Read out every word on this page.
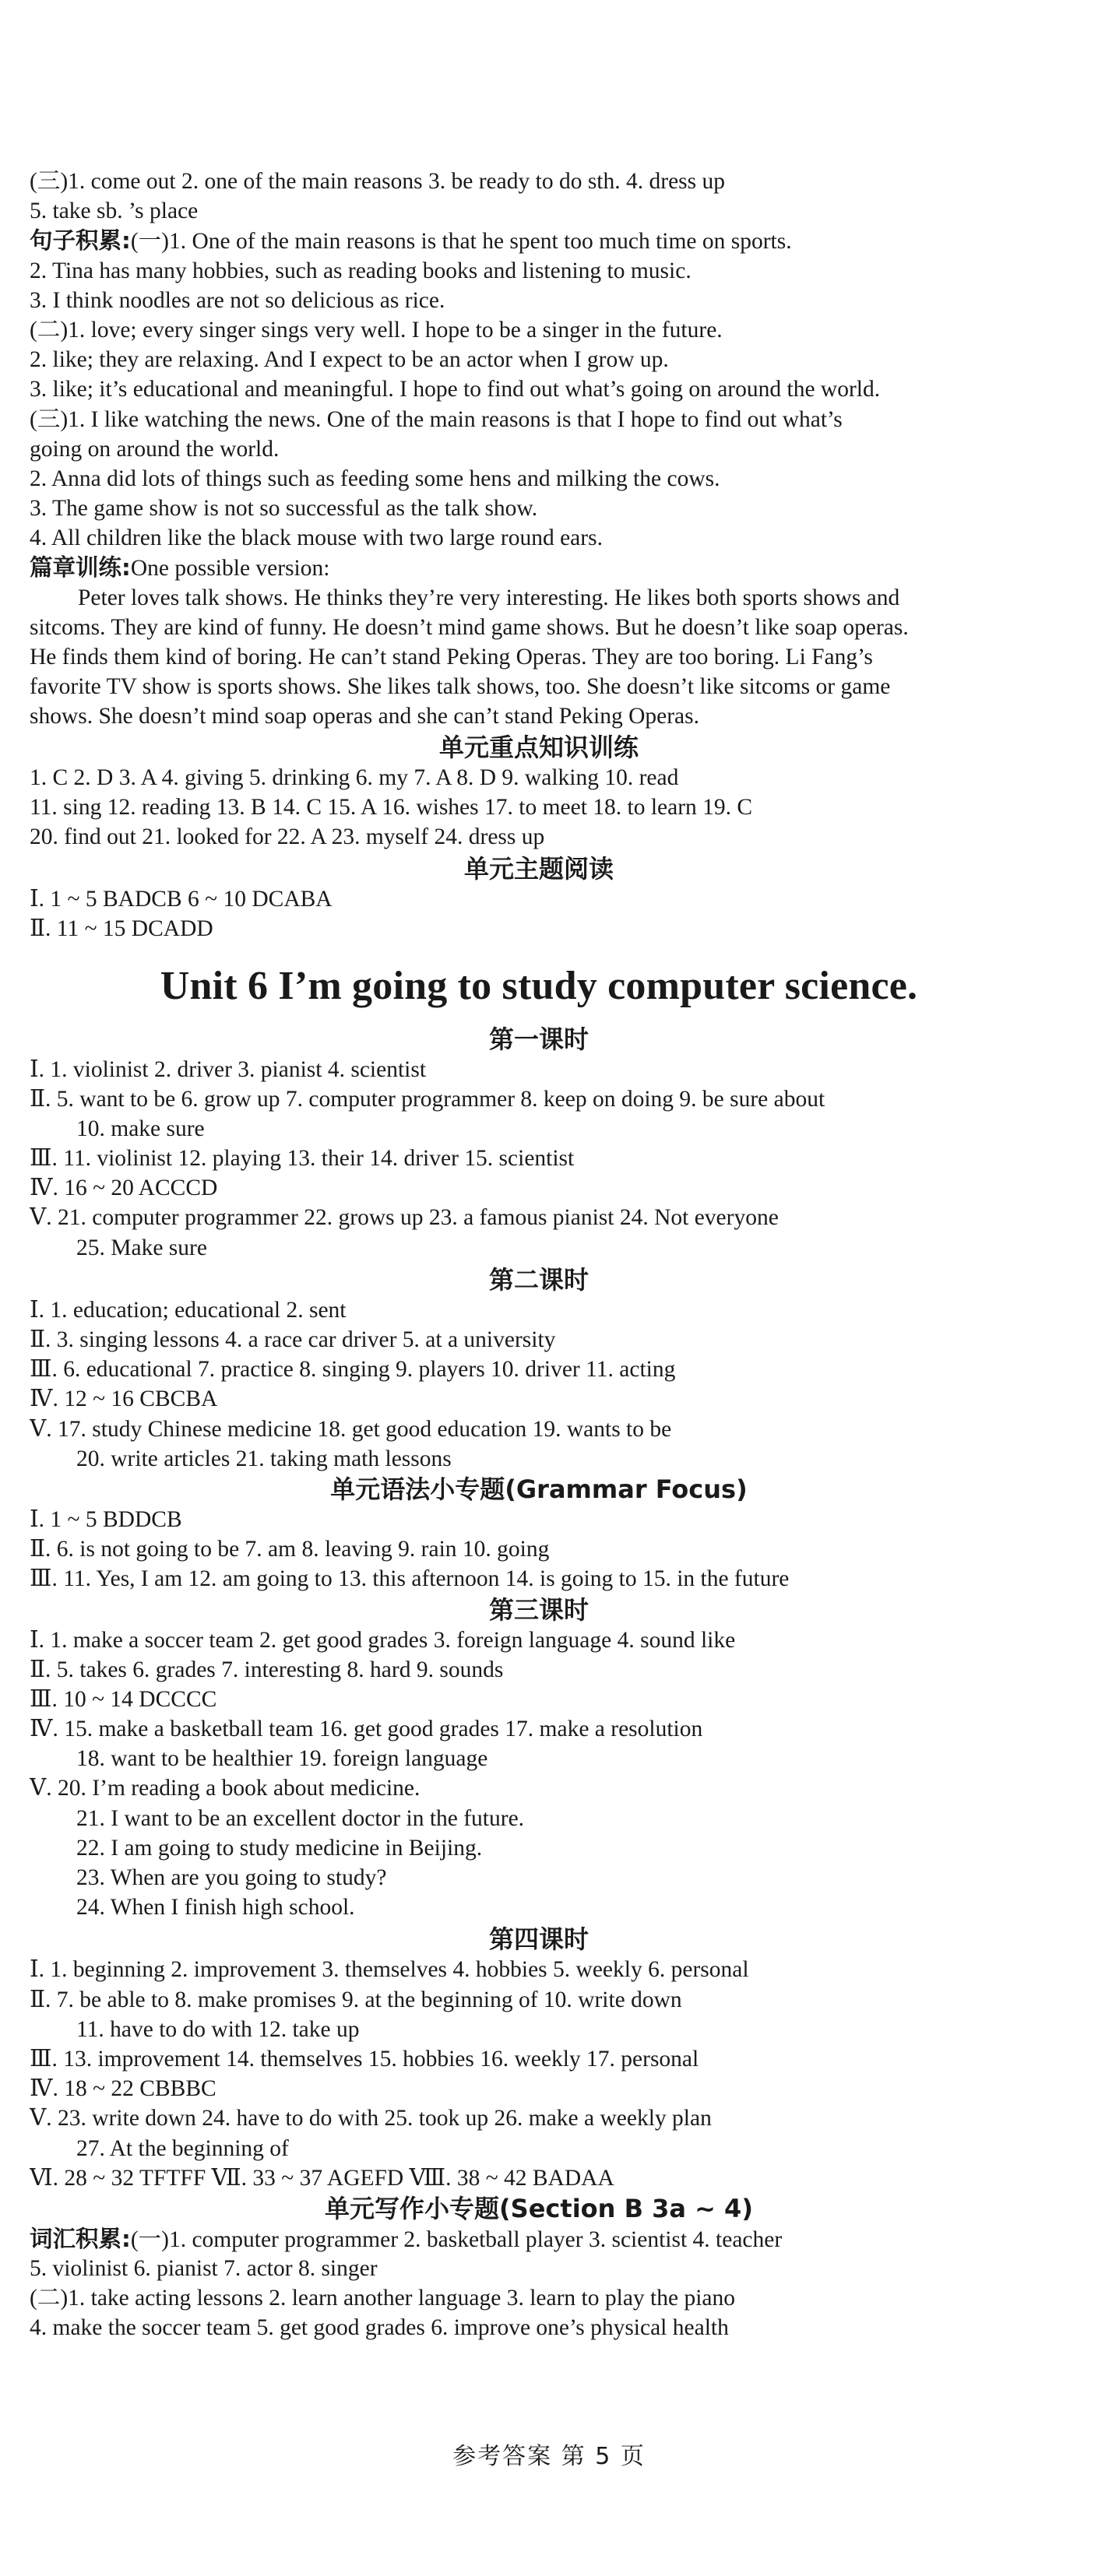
(三)1. come out 2. one of the main reasons 3. be ready to do sth. 4. dress up
5. take sb. ’s place
句子积累:(一)1. One of the main reasons is that he spent too much time on sports.
2. Tina has many hobbies, such as reading books and listening to music.
3. I think noodles are not so delicious as rice.
(二)1. love; every singer sings very well. I hope to be a singer in the future.
2. like; they are relaxing. And I expect to be an actor when I grow up.
3. like; it’s educational and meaningful. I hope to find out what’s going on around the world.
(三)1. I like watching the news. One of the main reasons is that I hope to find out what’s
going on around the world.
2. Anna did lots of things such as feeding some hens and milking the cows.
3. The game show is not so successful as the talk show.
4. All children like the black mouse with two large round ears.
篇章训练:One possible version:
Peter loves talk shows. He thinks they’re very interesting. He likes both sports shows and
sitcoms. They are kind of funny. He doesn’t mind game shows. But he doesn’t like soap operas.
He finds them kind of boring. He can’t stand Peking Operas. They are too boring. Li Fang’s
favorite TV show is sports shows. She likes talk shows, too. She doesn’t like sitcoms or game
shows. She doesn’t mind soap operas and she can’t stand Peking Operas.
单元重点知识训练
1. C 2. D 3. A 4. giving 5. drinking 6. my 7. A 8. D 9. walking 10. read
11. sing 12. reading 13. B 14. C 15. A 16. wishes 17. to meet 18. to learn 19. C
20. find out 21. looked for 22. A 23. myself 24. dress up
单元主题阅读
Ⅰ. 1 ~ 5 BADCB 6 ~ 10 DCABA
Ⅱ. 11 ~ 15 DCADD
Unit 6 I’m going to study computer science.
第一课时
Ⅰ. 1. violinist 2. driver 3. pianist 4. scientist
Ⅱ. 5. want to be 6. grow up 7. computer programmer 8. keep on doing 9. be sure about
10. make sure
Ⅲ. 11. violinist 12. playing 13. their 14. driver 15. scientist
Ⅳ. 16 ~ 20 ACCCD
Ⅴ. 21. computer programmer 22. grows up 23. a famous pianist 24. Not everyone
25. Make sure
第二课时
Ⅰ. 1. education; educational 2. sent
Ⅱ. 3. singing lessons 4. a race car driver 5. at a university
Ⅲ. 6. educational 7. practice 8. singing 9. players 10. driver 11. acting
Ⅳ. 12 ~ 16 CBCBA
Ⅴ. 17. study Chinese medicine 18. get good education 19. wants to be
20. write articles 21. taking math lessons
单元语法小专题(Grammar Focus)
Ⅰ. 1 ~ 5 BDDCB
Ⅱ. 6. is not going to be 7. am 8. leaving 9. rain 10. going
Ⅲ. 11. Yes, I am 12. am going to 13. this afternoon 14. is going to 15. in the future
第三课时
Ⅰ. 1. make a soccer team 2. get good grades 3. foreign language 4. sound like
Ⅱ. 5. takes 6. grades 7. interesting 8. hard 9. sounds
Ⅲ. 10 ~ 14 DCCCC
Ⅳ. 15. make a basketball team 16. get good grades 17. make a resolution
18. want to be healthier 19. foreign language
Ⅴ. 20. I’m reading a book about medicine.
21. I want to be an excellent doctor in the future.
22. I am going to study medicine in Beijing.
23. When are you going to study?
24. When I finish high school.
第四课时
Ⅰ. 1. beginning 2. improvement 3. themselves 4. hobbies 5. weekly 6. personal
Ⅱ. 7. be able to 8. make promises 9. at the beginning of 10. write down
11. have to do with 12. take up
Ⅲ. 13. improvement 14. themselves 15. hobbies 16. weekly 17. personal
Ⅳ. 18 ~ 22 CBBBC
Ⅴ. 23. write down 24. have to do with 25. took up 26. make a weekly plan
27. At the beginning of
Ⅵ. 28 ~ 32 TFTFF Ⅶ. 33 ~ 37 AGEFD Ⅷ. 38 ~ 42 BADAA
单元写作小专题(Section B 3a ~ 4)
词汇积累:(一)1. computer programmer 2. basketball player 3. scientist 4. teacher
5. violinist 6. pianist 7. actor 8. singer
(二)1. take acting lessons 2. learn another language 3. learn to play the piano
4. make the soccer team 5. get good grades 6. improve one’s physical health
参考答案 第 5 页
